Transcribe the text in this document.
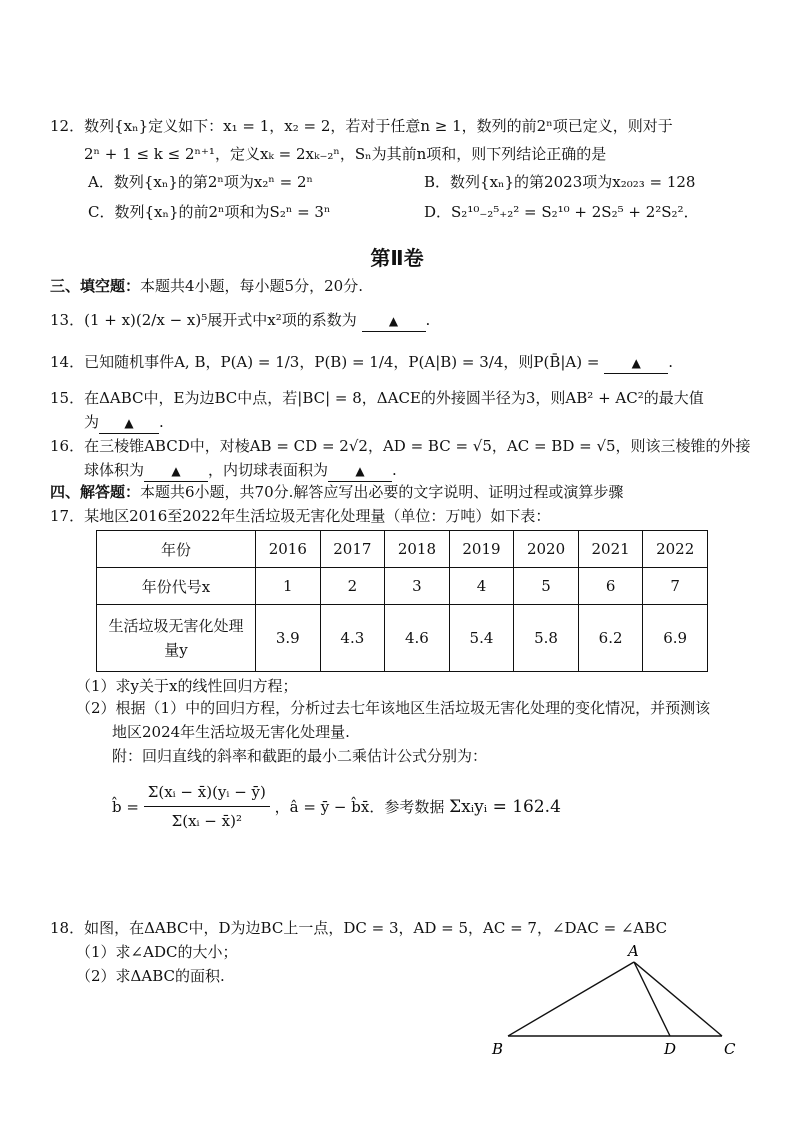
12．数列{xₙ}定义如下：x₁ = 1，x₂ = 2，若对于任意n ≥ 1，数列的前2ⁿ项已定义，则对于
2ⁿ + 1 ≤ k ≤ 2ⁿ⁺¹，定义xₖ = 2xₖ₋₂ⁿ，Sₙ为其前n项和，则下列结论正确的是
A．数列{xₙ}的第2ⁿ项为x₂ⁿ = 2ⁿ	B．数列{xₙ}的第2023项为x₂₀₂₃ = 128
C．数列{xₙ}的前2ⁿ项和为S₂ⁿ = 3ⁿ	D．S₂¹⁰₋₂⁵₊₂² = S₂¹⁰ + 2S₂⁵ + 2²S₂²．
第Ⅱ卷
三、填空题：本题共4小题，每小题5分，20分.
13．(1 + x)(2/x − x)⁵展开式中x²项的系数为	▲ .
14．已知随机事件A, B，P(A) = 1/3，P(B) = 1/4，P(A|B) = 3/4，则P(B̄|A) =	▲ .
15．在ΔABC中，E为边BC中点，若|BC| = 8，ΔACE的外接圆半径为3，则AB² + AC²的最大值
为 ▲ .
16．在三棱锥ABCD中，对棱AB = CD = 2√2，AD = BC = √5，AC = BD = √5，则该三棱锥的外接
球体积为 ▲ ，内切球表面积为 ▲ .
四、解答题：本题共6小题，共70分.解答应写出必要的文字说明、证明过程或演算步骤
17．某地区2016至2022年生活垃圾无害化处理量（单位：万吨）如下表：
年份	2016	2017	2018	2019	2020	2021	2022
年份代号x	1	2	3	4	5	6	7
生活垃圾无害化处理量y	3.9	4.3	4.6	5.4	5.8	6.2	6.9
（1）求y关于x的线性回归方程；
（2）根据（1）中的回归方程，分析过去七年该地区生活垃圾无害化处理的变化情况，并预测该
地区2024年生活垃圾无害化处理量.
附：回归直线的斜率和截距的最小二乘估计公式分别为：
b̂ = $\frac{\text{Σ(xᵢ − x̄)(yᵢ − ȳ)}}{\text{Σ(xᵢ − x̄)²}}$ ，â = ȳ − b̂x̄．参考数据 Σxᵢyᵢ = 162.4
18．如图，在ΔABC中，D为边BC上一点，DC = 3，AD = 5，AC = 7，∠DAC = ∠ABC
（1）求∠ADC的大小；
（2）求ΔABC的面积.
A
B	D	C
